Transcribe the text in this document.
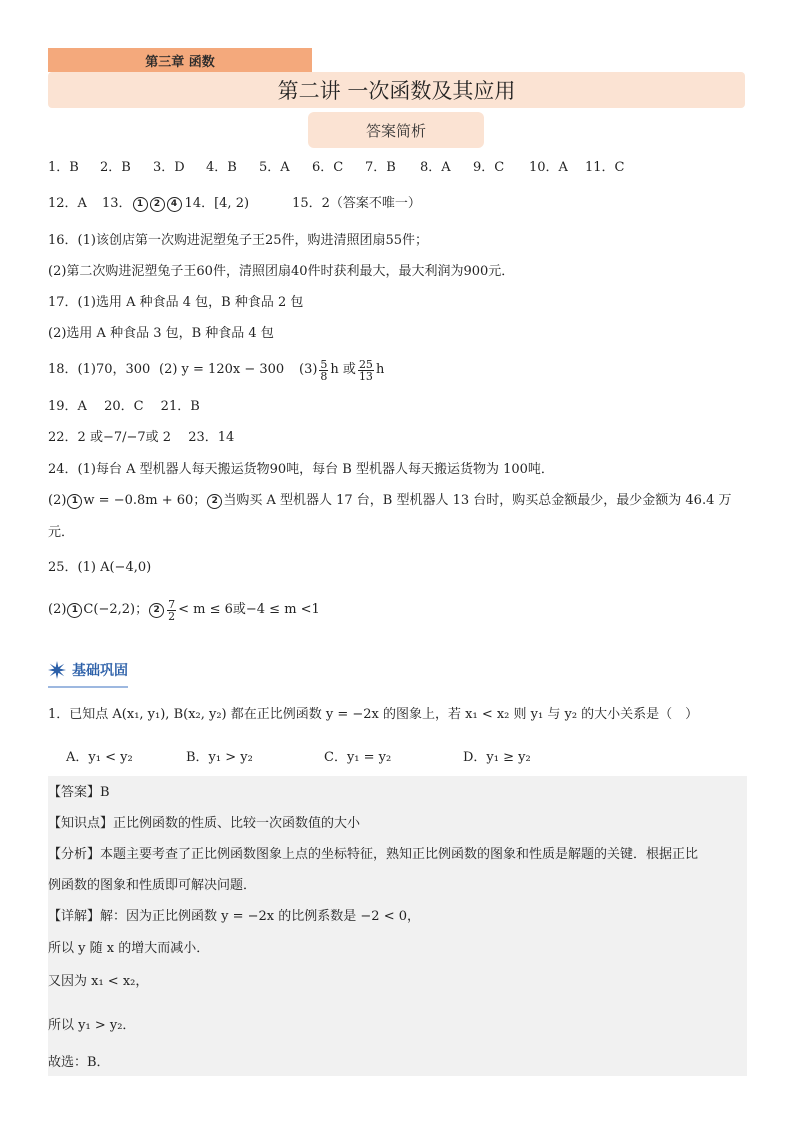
第三章 函数
第二讲 一次函数及其应用
答案简析
1．B 2．B 3．D 4．B 5．A 6．C 7．B 8．A 9．C 10．A 11．C
12．A 13． 1 2 4 14．[4, 2)	15．2（答案不唯一）
16．(1)该创店第一次购进泥塑兔子王25件，购进清照团扇55件；
(2)第二次购进泥塑兔子王60件，清照团扇40件时获利最大，最大利润为900元．
17．(1)选用 A 种食品 4 包，B 种食品 2 包
(2)选用 A 种食品 3 包，B 种食品 4 包
18．(1)70，300 (2) y = 120x − 300	$(3) \frac{5}{8}$ h 或 $\frac{25}{13}$ h
19．A　 20．C　 21．B
22．2 或−7/−7或 2　 23．14
24．(1)每台 A 型机器人每天搬运货物90吨，每台 B 型机器人每天搬运货物为 100吨．
(2) 1 w = −0.8m + 60； 2 当购买 A 型机器人 17 台，B 型机器人 13 台时，购买总金额最少，最少金额为 46.4 万
元．
25．(1) A(−4,0)
(2) 1 C(−2,2)； $2 \frac{7}{2} < m \le 6$或−4 ≤ m <1
基础巩固
1．已知点 A(x₁, y₁), B(x₂, y₂) 都在正比例函数 y = −2x 的图象上，若 x₁ < x₂ 则 y₁ 与 y₂ 的大小关系是（　）
A．y₁ < y₂	B．y₁ > y₂	C．y₁ = y₂	D．y₁ ≥ y₂
【答案】B
【知识点】正比例函数的性质、比较一次函数值的大小
【分析】本题主要考查了正比例函数图象上点的坐标特征，熟知正比例函数的图象和性质是解题的关键．根据正比
例函数的图象和性质即可解决问题．
【详解】解：因为正比例函数 y = −2x 的比例系数是 −2 < 0，
所以 y 随 x 的增大而减小．
又因为 x₁ < x₂，
所以 y₁ > y₂．
故选：B．
